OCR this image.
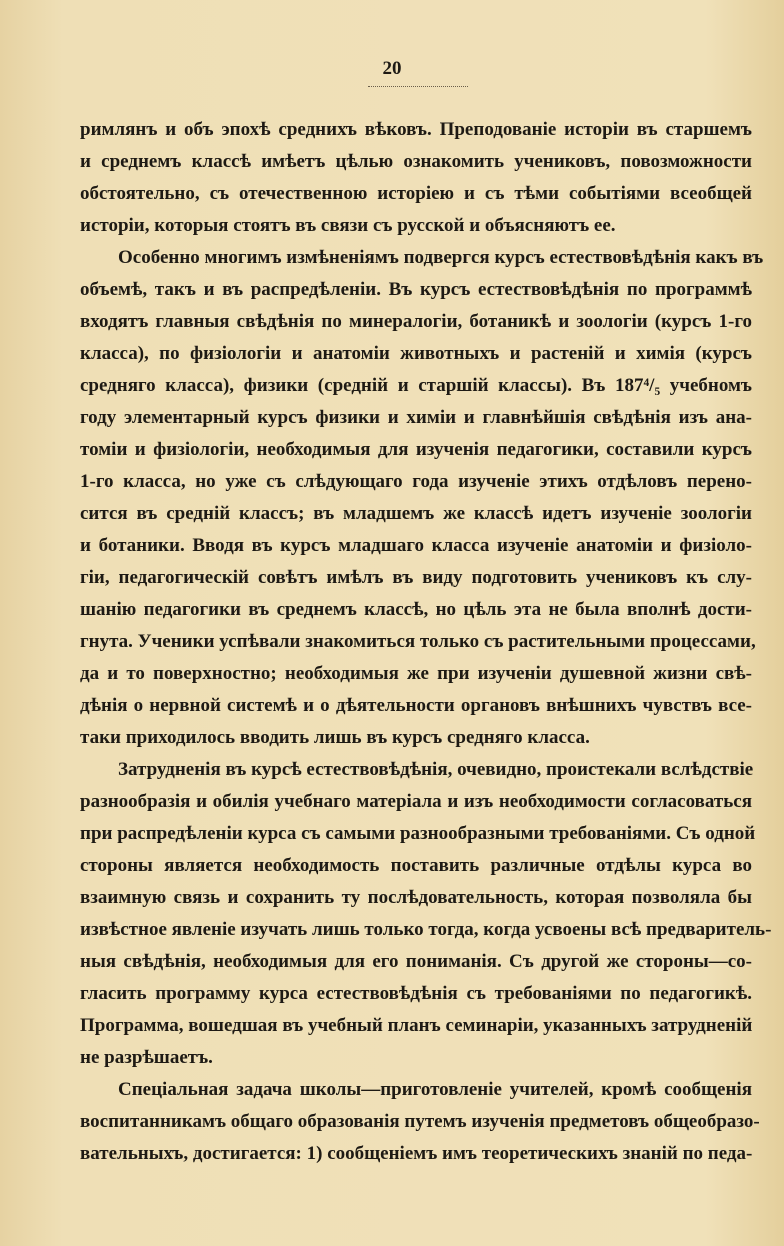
20
римлянъ и объ эпохѣ среднихъ вѣковъ. Преподованіе исторіи въ старшемъ
и среднемъ классѣ имѣетъ цѣлью ознакомить учениковъ, повозможности
обстоятельно, съ отечественною исторіею и съ тѣми событіями всеобщей
исторіи, которыя стоятъ въ связи съ русской и объясняютъ ее.
Особенно многимъ измѣненіямъ подвергся курсъ естествовѣдѣнія какъ въ
объемѣ, такъ и въ распредѣленіи. Въ курсъ естествовѣдѣнія по программѣ
входятъ главныя свѣдѣнія по минералогіи, ботаникѣ и зоологіи (курсъ 1-го
класса), по физіологіи и анатоміи животныхъ и растеній и химія (курсъ
средняго класса), физики (средній и старшій классы). Въ 187⁴/₅ учебномъ
году элементарный курсъ физики и химіи и главнѣйшія свѣдѣнія изъ ана-
томіи и физіологіи, необходимыя для изученія педагогики, составили курсъ
1-го класса, но уже съ слѣдующаго года изученіе этихъ отдѣловъ перено-
сится въ средній классъ; въ младшемъ же классѣ идетъ изученіе зоологіи
и ботаники. Вводя въ курсъ младшаго класса изученіе анатоміи и физіоло-
гіи, педагогическій совѣтъ имѣлъ въ виду подготовить учениковъ къ слу-
шанію педагогики въ среднемъ классѣ, но цѣль эта не была вполнѣ дости-
гнута. Ученики успѣвали знакомиться только съ растительными процессами,
да и то поверхностно; необходимыя же при изученіи душевной жизни свѣ-
дѣнія о нервной системѣ и о дѣятельности органовъ внѣшнихъ чувствъ все-
таки приходилось вводить лишь въ курсъ средняго класса.
Затрудненія въ курсѣ естествовѣдѣнія, очевидно, проистекали вслѣдствіе
разнообразія и обилія учебнаго матеріала и изъ необходимости согласоваться
при распредѣленіи курса съ самыми разнообразными требованіями. Съ одной
стороны является необходимость поставить различные отдѣлы курса во
взаимную связь и сохранить ту послѣдовательность, которая позволяла бы
извѣстное явленіе изучать лишь только тогда, когда усвоены всѣ предваритель-
ныя свѣдѣнія, необходимыя для его пониманія. Съ другой же стороны—со-
гласить программу курса естествовѣдѣнія съ требованіями по педагогикѣ.
Программа, вошедшая въ учебный планъ семинаріи, указанныхъ затрудненій
не разрѣшаетъ.
Спеціальная задача школы—приготовленіе учителей, кромѣ сообщенія
воспитанникамъ общаго образованія путемъ изученія предметовъ общеобразо-
вательныхъ, достигается: 1) сообщеніемъ имъ теоретическихъ знаній по педа-
